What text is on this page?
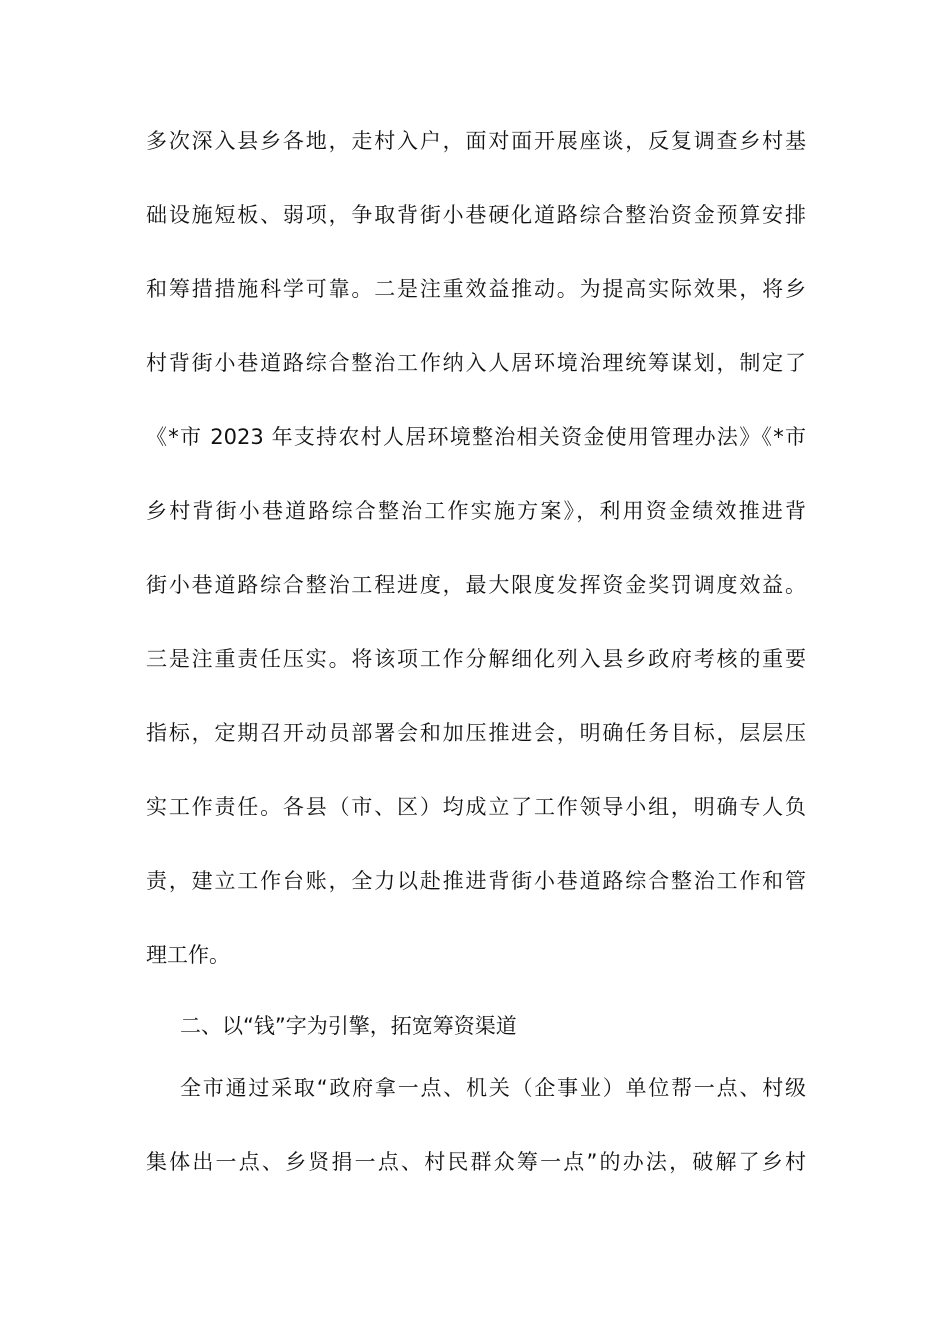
多次深入县乡各地，走村入户，面对面开展座谈，反复调查乡村基
础设施短板、弱项，争取背街小巷硬化道路综合整治资金预算安排
和筹措措施科学可靠。二是注重效益推动。为提高实际效果，将乡
村背街小巷道路综合整治工作纳入人居环境治理统筹谋划，制定了
《*市 2023 年支持农村人居环境整治相关资金使用管理办法》《*市
乡村背街小巷道路综合整治工作实施方案》，利用资金绩效推进背
街小巷道路综合整治工程进度，最大限度发挥资金奖罚调度效益。
三是注重责任压实。将该项工作分解细化列入县乡政府考核的重要
指标，定期召开动员部署会和加压推进会，明确任务目标，层层压
实工作责任。各县（市、区）均成立了工作领导小组，明确专人负
责，建立工作台账，全力以赴推进背街小巷道路综合整治工作和管
理工作。
二、以“钱”字为引擎，拓宽筹资渠道
全市通过采取“政府拿一点、机关（企事业）单位帮一点、村级
集体出一点、乡贤捐一点、村民群众筹一点”的办法，破解了乡村
